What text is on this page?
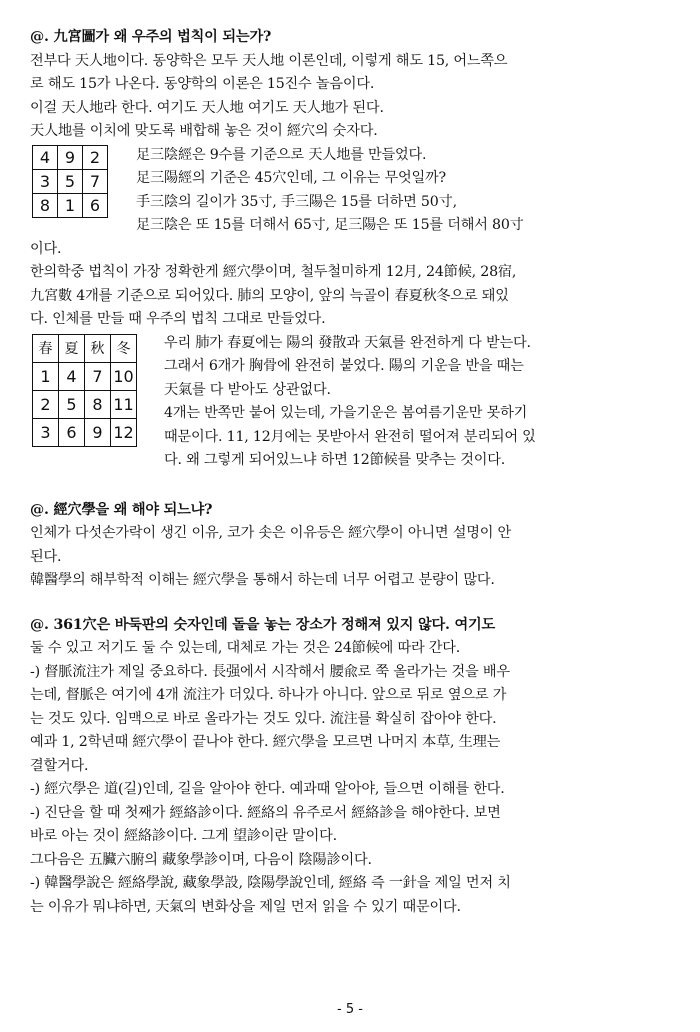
@. 九宮圖가 왜 우주의 법칙이 되는가?
전부다 天人地이다. 동양학은 모두 天人地 이론인데, 이렇게 해도 15, 어느쪽으
로 해도 15가 나온다. 동양학의 이론은 15진수 놀음이다.
이걸 天人地라 한다. 여기도 天人地 여기도 天人地가 된다.
天人地를 이치에 맞도록 배합해 놓은 것이 經穴의 숫자다.
4	9	2
3	5	7
8	1	6
足三陰經은 9수를 기준으로 天人地를 만들었다.
足三陽經의 기준은 45穴인데, 그 이유는 무엇일까?
手三陰의 길이가 35寸, 手三陽은 15를 더하면 50寸,
足三陰은 또 15를 더해서 65寸, 足三陽은 또 15를 더해서 80寸
이다.
한의학중 법칙이 가장 정확한게 經穴學이며, 철두철미하게 12月, 24節候, 28宿,
九宮數 4개를 기준으로 되어있다. 肺의 모양이, 앞의 늑골이 春夏秋冬으로 돼있
다. 인체를 만들 때 우주의 법칙 그대로 만들었다.
春	夏	秋	冬
1	4	7	10
2	5	8	11
3	6	9	12
우리 肺가 春夏에는 陽의 發散과 天氣를 완전하게 다 받는다.
그래서 6개가 胸骨에 완전히 붙었다. 陽의 기운을 반을 때는
天氣를 다 받아도 상관없다.
4개는 반쪽만 붙어 있는데, 가을기운은 봄여름기운만 못하기
때문이다. 11, 12月에는 못받아서 완전히 떨어져 분리되어 있
다. 왜 그렇게 되어있느냐 하면 12節候를 맞추는 것이다.
@. 經穴學을 왜 해야 되느냐?
인체가 다섯손가락이 생긴 이유, 코가 솟은 이유등은 經穴學이 아니면 설명이 안
된다.
韓醫學의 해부학적 이해는 經穴學을 통해서 하는데 너무 어렵고 분량이 많다.
@. 361穴은 바둑판의 숫자인데 돌을 놓는 장소가 정해져 있지 않다. 여기도
둘 수 있고 저기도 둘 수 있는데, 대체로 가는 것은 24節候에 따라 간다.
-) 督脈流注가 제일 중요하다. 長强에서 시작해서 腰兪로 쭉 올라가는 것을 배우
는데, 督脈은 여기에 4개 流注가 더있다. 하나가 아니다. 앞으로 뒤로 옆으로 가
는 것도 있다. 임맥으로 바로 올라가는 것도 있다. 流注를 확실히 잡아야 한다.
예과 1, 2학년때 經穴學이 끝나야 한다. 經穴學을 모르면 나머지 本草, 生理는
결할거다.
-) 經穴學은 道(길)인데, 길을 알아야 한다. 예과때 알아야, 들으면 이해를 한다.
-) 진단을 할 때 첫째가 經絡診이다. 經絡의 유주로서 經絡診을 해야한다. 보면
바로 아는 것이 經絡診이다. 그게 望診이란 말이다.
그다음은 五臟六腑의 藏象學診이며, 다음이 陰陽診이다.
-) 韓醫學說은 經絡學說, 藏象學設, 陰陽學說인데, 經絡 즉 一針을 제일 먼저 치
는 이유가 뭐냐하면, 天氣의 변화상을 제일 먼저 읽을 수 있기 때문이다.
- 5 -
